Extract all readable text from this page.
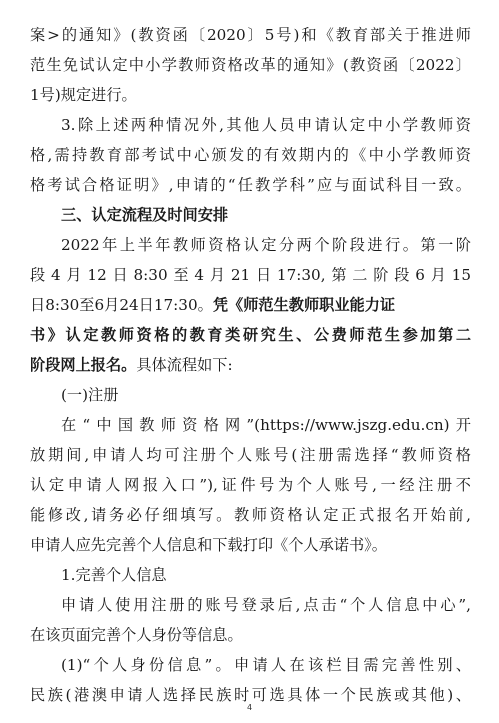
案>的通知》(教资函〔2020〕5号)和《教育部关于推进师
范生免试认定中小学教师资格改革的通知》(教资函〔2022〕
1号)规定进行。
3.除上述两种情况外,其他人员申请认定中小学教师资
格,需持教育部考试中心颁发的有效期内的《中小学教师资
格考试合格证明》,申请的“任教学科”应与面试科目一致。
三、认定流程及时间安排
2022年上半年教师资格认定分两个阶段进行。第一阶
段4月12日8:30至4月21日17:30,第二阶段6月15
日8:30至6月24日17:30。凭《师范生教师职业能力证
书》认定教师资格的教育类研究生、公费师范生参加第二
阶段网上报名。具体流程如下:
(一)注册
在“中国教师资格网”(https://www.jszg.edu.cn)开
放期间,申请人均可注册个人账号(注册需选择“教师资格
认定申请人网报入口”),证件号为个人账号,一经注册不
能修改,请务必仔细填写。教师资格认定正式报名开始前,
申请人应先完善个人信息和下载打印《个人承诺书》。
1.完善个人信息
申请人使用注册的账号登录后,点击“个人信息中心”,
在该页面完善个人身份等信息。
(1)“个人身份信息”。申请人在该栏目需完善性别、
民族(港澳申请人选择民族时可选具体一个民族或其他)、
4
